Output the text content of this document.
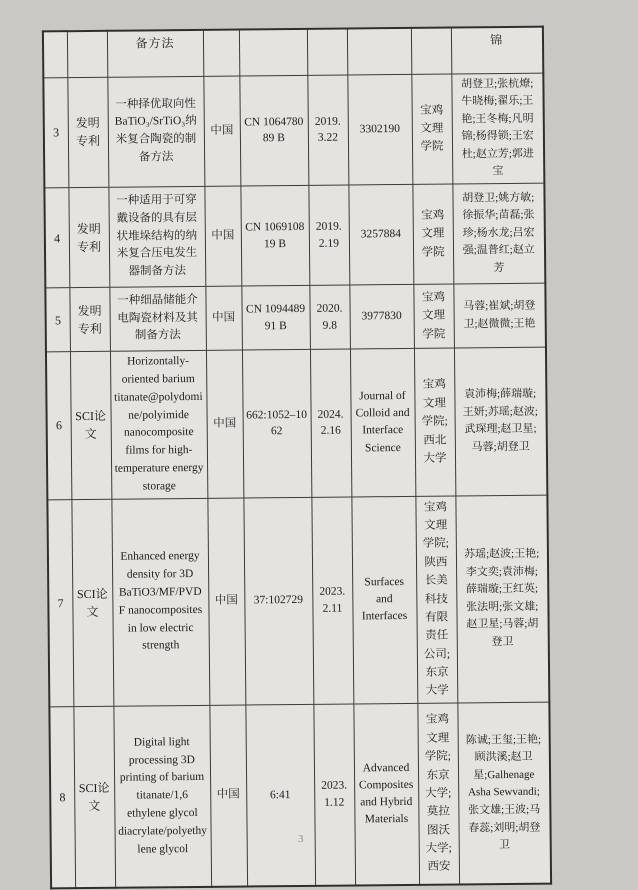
		备方法						锦
3	发明专利	一种择优取向性BaTiO₃/SrTiO₃纳米复合陶瓷的制备方法	中国	CN 106478089 B	2019.3.22	3302190	宝鸡文理学院	胡登卫;张杭燎;牛晓梅;翟乐;王艳;王冬梅;凡明锦;杨得锁;王宏杜;赵立芳;郭进宝
4	发明专利	一种适用于可穿戴设备的具有层状堆垛结构的纳米复合压电发生器制备方法	中国	CN 106910819 B	2019.2.19	3257884	宝鸡文理学院	胡登卫;姚方敏;徐振华;苗磊;张珍;杨水龙;吕宏强;温普红;赵立芳
5	发明专利	一种细晶储能介电陶瓷材料及其制备方法	中国	CN 109448991 B	2020.9.8	3977830	宝鸡文理学院	马蓉;崔斌;胡登卫;赵微微;王艳
6	SCI论文	Horizontally-oriented barium titanate@polydomine/polyimide nanocomposite films for high-temperature energy storage	中国	662:1052–1062	2024.2.16	Journal of Colloid and Interface Science	宝鸡文理学院;西北大学	袁沛梅;薛瑞璇;王妍;苏瑶;赵波;武琛理;赵卫星;马蓉;胡登卫
7	SCI论文	Enhanced energy density for 3D BaTiO3/MF/PVDF nanocomposites in low electric strength	中国	37:102729	2023.2.11	Surfaces and Interfaces	宝鸡文理学院;陕西长美科技有限责任公司;东京大学	苏瑶;赵波;王艳;李文奕;袁沛梅;薛瑞璇;王红英;张法明;张文雄;赵卫星;马蓉;胡登卫
8	SCI论文	Digital light processing 3D printing of barium titanate/1,6 ethylene glycol diacrylate/polyethylene glycol	中国	6:41	2023.1.12	Advanced Composites and Hybrid Materials	宝鸡文理学院;东京大学;莫拉图沃大学;西安	陈诚;王玺;王艳;顾洪溪;赵卫星;Galhenage Asha Sewvandi;张文雄;王波;马春蕊;刘明;胡登卫
3
